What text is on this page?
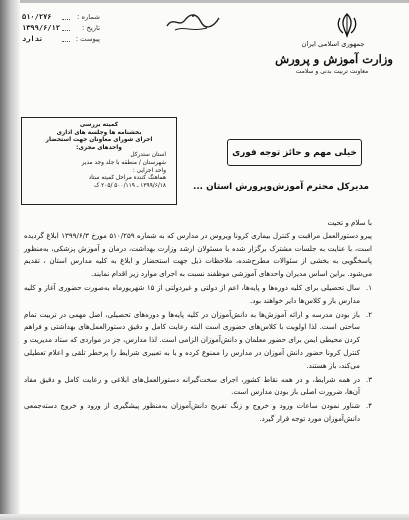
جمهوری اسلامی ایران
وزارت آموزش و پرورش
معاونت تربیت بدنی و سلامت
شماره :
۵۱۰/۲۷۶
تاریخ :
۱۳۹۹/۶/۱۲
پیوست :
ندارد
کمیته بررسی
بخشنامه ها وجلسه های اداری
اجرای شورای معاونان جهت استحضار
واحدهای مجری:
استان ستدرکل
شهرستان / منطقه با جلد وجد مدیر
واحد اجرایی :
هماهنگ کننده مراحل کمیته ستاد
۱۳۹۹/۶/۱۸ ـ ۵۰۰/۱۱۹ /۲۰۵ ک
خیلی مهم و حائز توجه فوری
مدیرکل محترم آموزش‌وپرورش استان ...

با سلام و تحیت

پیرو دستورالعمل مراقبت و کنترل بیماری کرونا ویروس در مدارس که به شماره ۵۱۰/۲۵۹ مورخ ۱۳۹۹/۶/۳ ابلاغ گردیده است، با عنایت به جلسات مشترک برگزار شده با مسئولان ارشد وزارت بهداشت، درمان و آموزش پزشکی، به‌منظور پاسخگویی به بخشی از سئوالات مطرح‌شده، ملاحظات ذیل جهت استحضار و ابلاغ به کلیه مدارس استان ، تقدیم می‌شود. براین اساس مدیران واحدهای آموزشی موظفند نسبت به اجرای موارد زیر اقدام نمایند.

۱.

سال تحصیلی برای کلیه دوره‌ها و پایه‌ها، اعم از دولتی و غیردولتی از ۱۵ شهریورماه به‌صورت حضوری آغاز و کلیه مدارس باز و کلاس‌ها دایر خواهند بود.

۲.

باز بودن مدرسه و ارائه آموزش‌ها به دانش‌آموزان در کلیه پایه‌ها و دوره‌های تحصیلی، اصل مهمی در تربیت تمام ساحتی است. لذا اولویت با کلاس‌های حضوری است البته رعایت کامل و دقیق دستورالعمل‌های بهداشتی و فراهم کردن محیطی ایمن برای حضور معلمان و دانش‌آموزان الزامی است. لذا مدارس، جز در مواردی که ستاد مدیریت و کنترل کرونا حضور دانش آموزان در مدارس را ممنوع کرده و یا به تعبیری شرایط را پرخطر تلقی و اعلام تعطیلی می‌کند، باز هستند.

۳.

در همه شرایط، و در همه نقاط کشور، اجرای سخت‌گیرانه دستورالعمل‌های ابلاغی و رعایت کامل و دقیق مفاد آن‌ها، ضرورت اصلی باز بودن مدارس است.

۴.

شناور نمودن ساعات ورود و خروج و زنگ تفریح دانش‌آموزان به‌منظور پیشگیری از ورود و خروج دسته‌جمعی دانش‌آموزان مورد توجه قرار گیرد.
